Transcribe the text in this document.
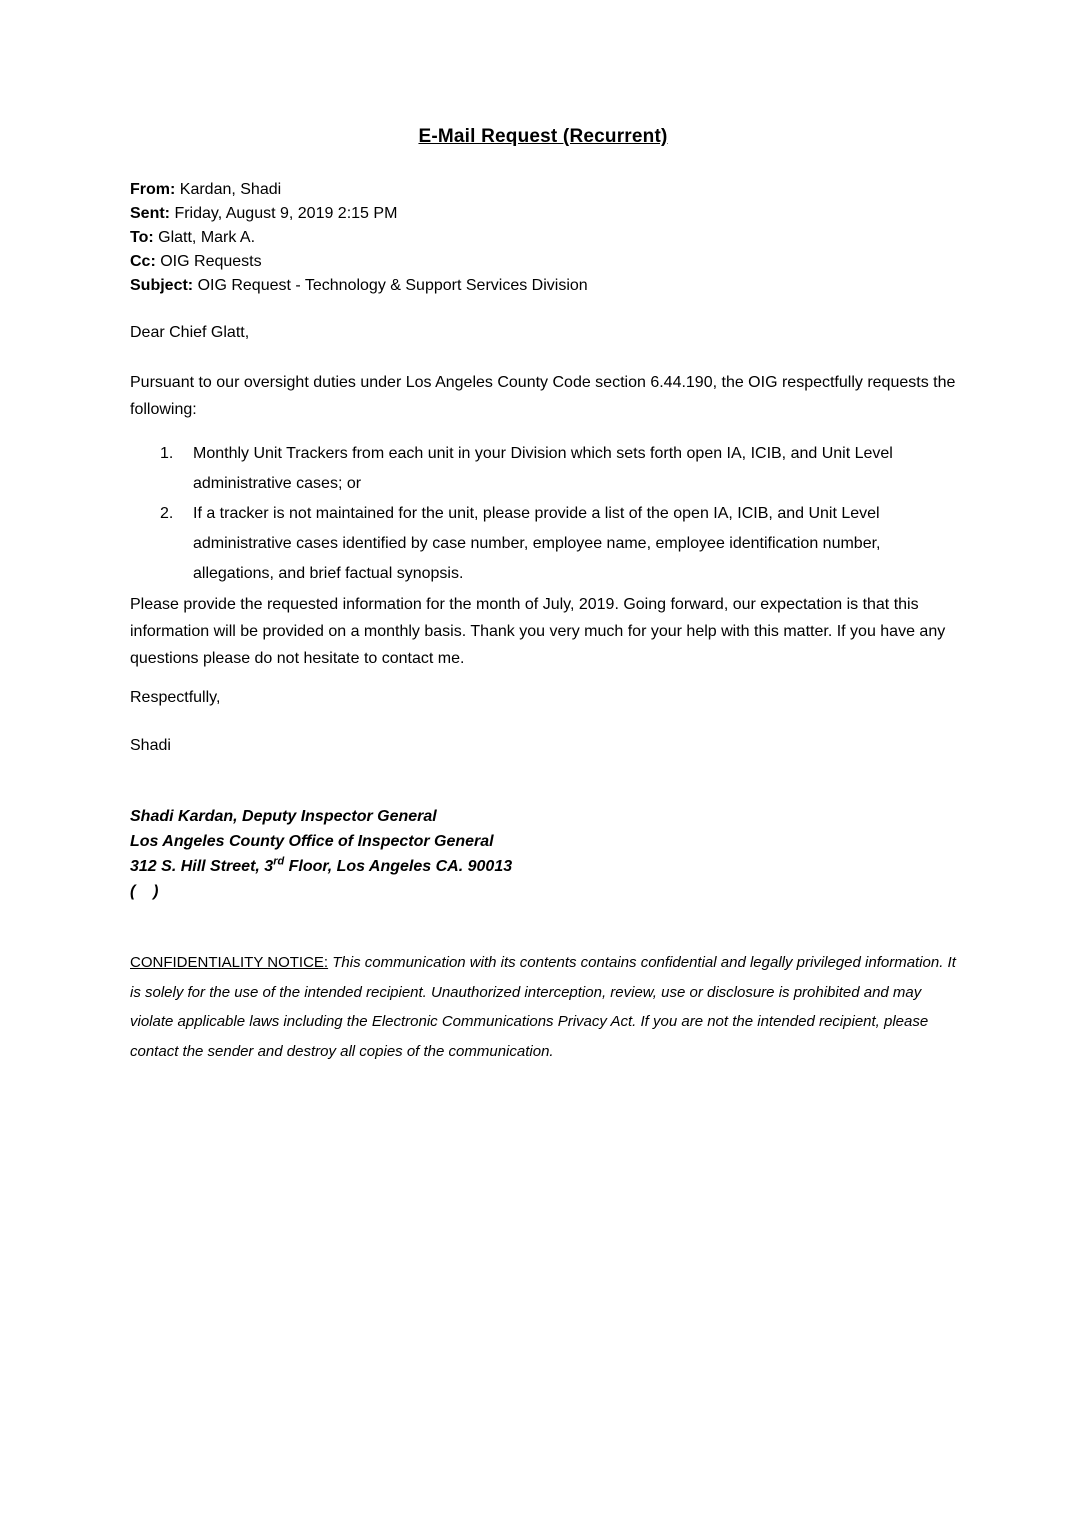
E-Mail Request (Recurrent)
From: Kardan, Shadi
Sent: Friday, August 9, 2019 2:15 PM
To: Glatt, Mark A.
Cc: OIG Requests
Subject: OIG Request - Technology & Support Services Division
Dear Chief Glatt,
Pursuant to our oversight duties under Los Angeles County Code section 6.44.190, the OIG respectfully requests the following:
1.	Monthly Unit Trackers from each unit in your Division which sets forth open IA, ICIB, and Unit Level administrative cases; or
2.	If a tracker is not maintained for the unit, please provide a list of the open IA, ICIB, and Unit Level administrative cases identified by case number, employee name, employee identification number, allegations, and brief factual synopsis.
Please provide the requested information for the month of July, 2019. Going forward, our expectation is that this information will be provided on a monthly basis. Thank you very much for your help with this matter. If you have any questions please do not hesitate to contact me.
Respectfully,
Shadi
Shadi Kardan, Deputy Inspector General
Los Angeles County Office of Inspector General
312 S. Hill Street, 3rd Floor, Los Angeles CA. 90013
(    )
CONFIDENTIALITY NOTICE: This communication with its contents contains confidential and legally privileged information. It is solely for the use of the intended recipient. Unauthorized interception, review, use or disclosure is prohibited and may violate applicable laws including the Electronic Communications Privacy Act. If you are not the intended recipient, please contact the sender and destroy all copies of the communication.
